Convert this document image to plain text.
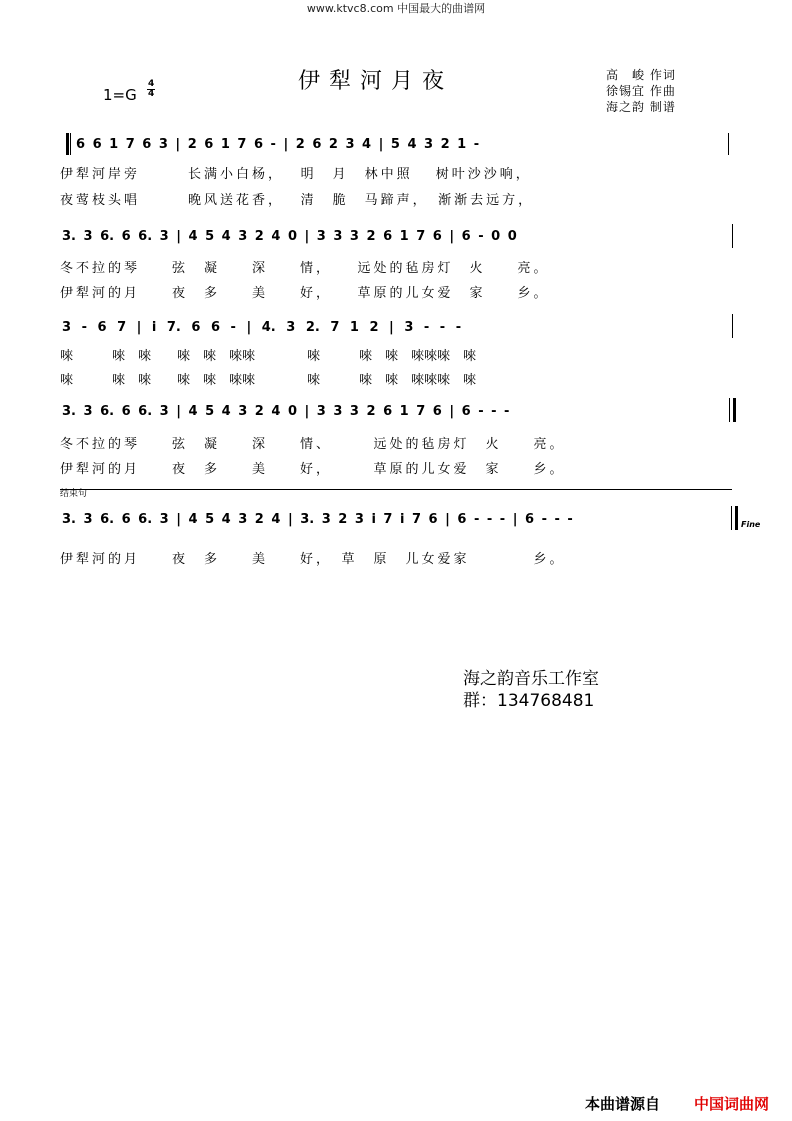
www.ktvc8.com 中国最大的曲谱网
伊犁河月夜
1=G
4
4
高　峻 作词
徐锡宜 作曲
海之韵 制谱
6 6 1 7 6 3 | 2 6 1 7 6 - | 2 6 2 3 4 | 5 4 3 2 1 -
伊犁河岸旁　　　长满小白杨，　 明　月　林中照　 树叶沙沙响，
夜莺枝头唱　　　晚风送花香，　 清　脆　马蹄声，　渐渐去远方，
3. 3 6. 6 6. 3 | 4 5 4 3 2 4 0 | 3 3 3 2 6 1 7 6 | 6 - 0 0
冬不拉的琴　　弦　凝　　深　　情，　　远处的毡房灯　火　　亮。
伊犁河的月　　夜　多　　美　　好，　　草原的儿女爱　家　　乡。
3 - 6 7 | i 7. 6 6 - | 4. 3 2. 7 1 2 | 3 - - -
唻　　　唻　唻　　唻　唻　唻唻　　　　唻　　　唻　唻　唻唻唻　唻
唻　　　唻　唻　　唻　唻　唻唻　　　　唻　　　唻　唻　唻唻唻　唻
3. 3 6. 6 6. 3 | 4 5 4 3 2 4 0 | 3 3 3 2 6 1 7 6 | 6 - - -
冬不拉的琴　　弦　凝　　深　　情、　　　远处的毡房灯　火　　亮。
伊犁河的月　　夜　多　　美　　好，　　　草原的儿女爱　家　　乡。
结束句
3. 3 6. 6 6. 3 | 4 5 4 3 2 4 | 3. 3 2 3 i 7 i 7 6 | 6 - - - | 6 - - -
伊犁河的月　　夜　多　　美　　好，　草　原　儿女爱家　　　　乡。
Fine
海之韵音乐工作室
群：134768481
本曲谱源自 中国词曲网
